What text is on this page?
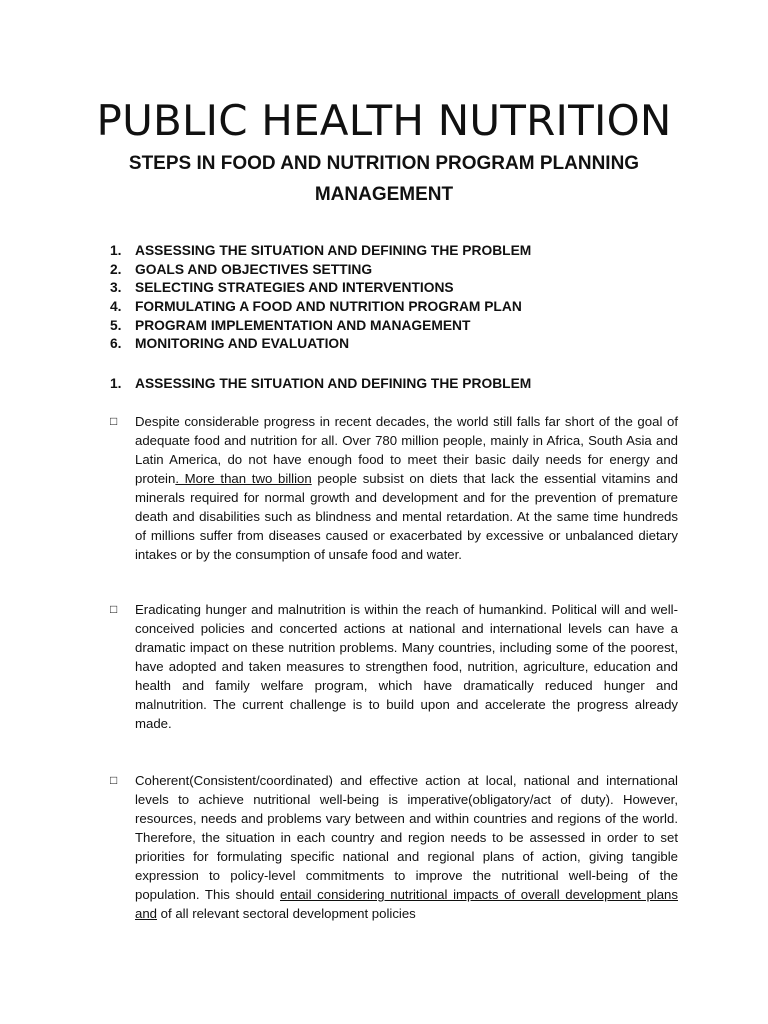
PUBLIC HEALTH NUTRITION
STEPS IN FOOD AND NUTRITION PROGRAM PLANNING MANAGEMENT
1. ASSESSING THE SITUATION AND DEFINING THE PROBLEM
2. GOALS AND OBJECTIVES SETTING
3. SELECTING STRATEGIES AND INTERVENTIONS
4. FORMULATING A FOOD AND NUTRITION PROGRAM PLAN
5. PROGRAM IMPLEMENTATION AND MANAGEMENT
6. MONITORING AND EVALUATION
1. ASSESSING THE SITUATION AND DEFINING THE PROBLEM
□ Despite considerable progress in recent decades, the world still falls far short of the goal of adequate food and nutrition for all. Over 780 million people, mainly in Africa, South Asia and Latin America, do not have enough food to meet their basic daily needs for energy and protein. More than two billion people subsist on diets that lack the essential vitamins and minerals required for normal growth and development and for the prevention of premature death and disabilities such as blindness and mental retardation. At the same time hundreds of millions suffer from diseases caused or exacerbated by excessive or unbalanced dietary intakes or by the consumption of unsafe food and water.

□ Eradicating hunger and malnutrition is within the reach of humankind. Political will and well-conceived policies and concerted actions at national and international levels can have a dramatic impact on these nutrition problems. Many countries, including some of the poorest, have adopted and taken measures to strengthen food, nutrition, agriculture, education and health and family welfare program, which have dramatically reduced hunger and malnutrition. The current challenge is to build upon and accelerate the progress already made.

□ Coherent(Consistent/coordinated) and effective action at local, national and international levels to achieve nutritional well-being is imperative(obligatory/act of duty). However, resources, needs and problems vary between and within countries and regions of the world. Therefore, the situation in each country and region needs to be assessed in order to set priorities for formulating specific national and regional plans of action, giving tangible expression to policy-level commitments to improve the nutritional well-being of the population. This should entail considering nutritional impacts of overall development plans and of all relevant sectoral development policies
